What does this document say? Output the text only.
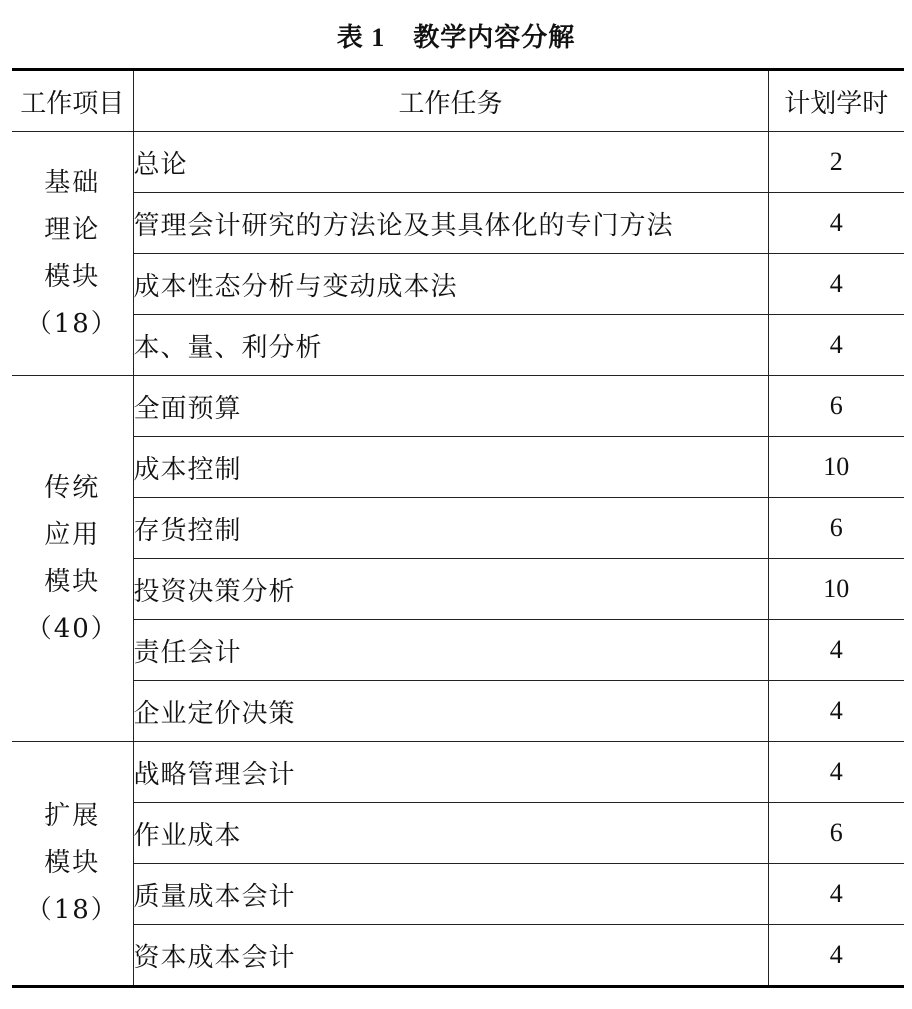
表 1 教学内容分解
工作项目	工作任务	计划学时

基础
理论
模块
（18）	总论	2
	管理会计研究的方法论及其具体化的专门方法	4
	成本性态分析与变动成本法	4
	本、量、利分析	4

传统
应用
模块
（40）	全面预算	6
	成本控制	10
	存货控制	6
	投资决策分析	10
	责任会计	4
	企业定价决策	4

扩展
模块
（18）	战略管理会计	4
	作业成本	6
	质量成本会计	4
	资本成本会计	4
